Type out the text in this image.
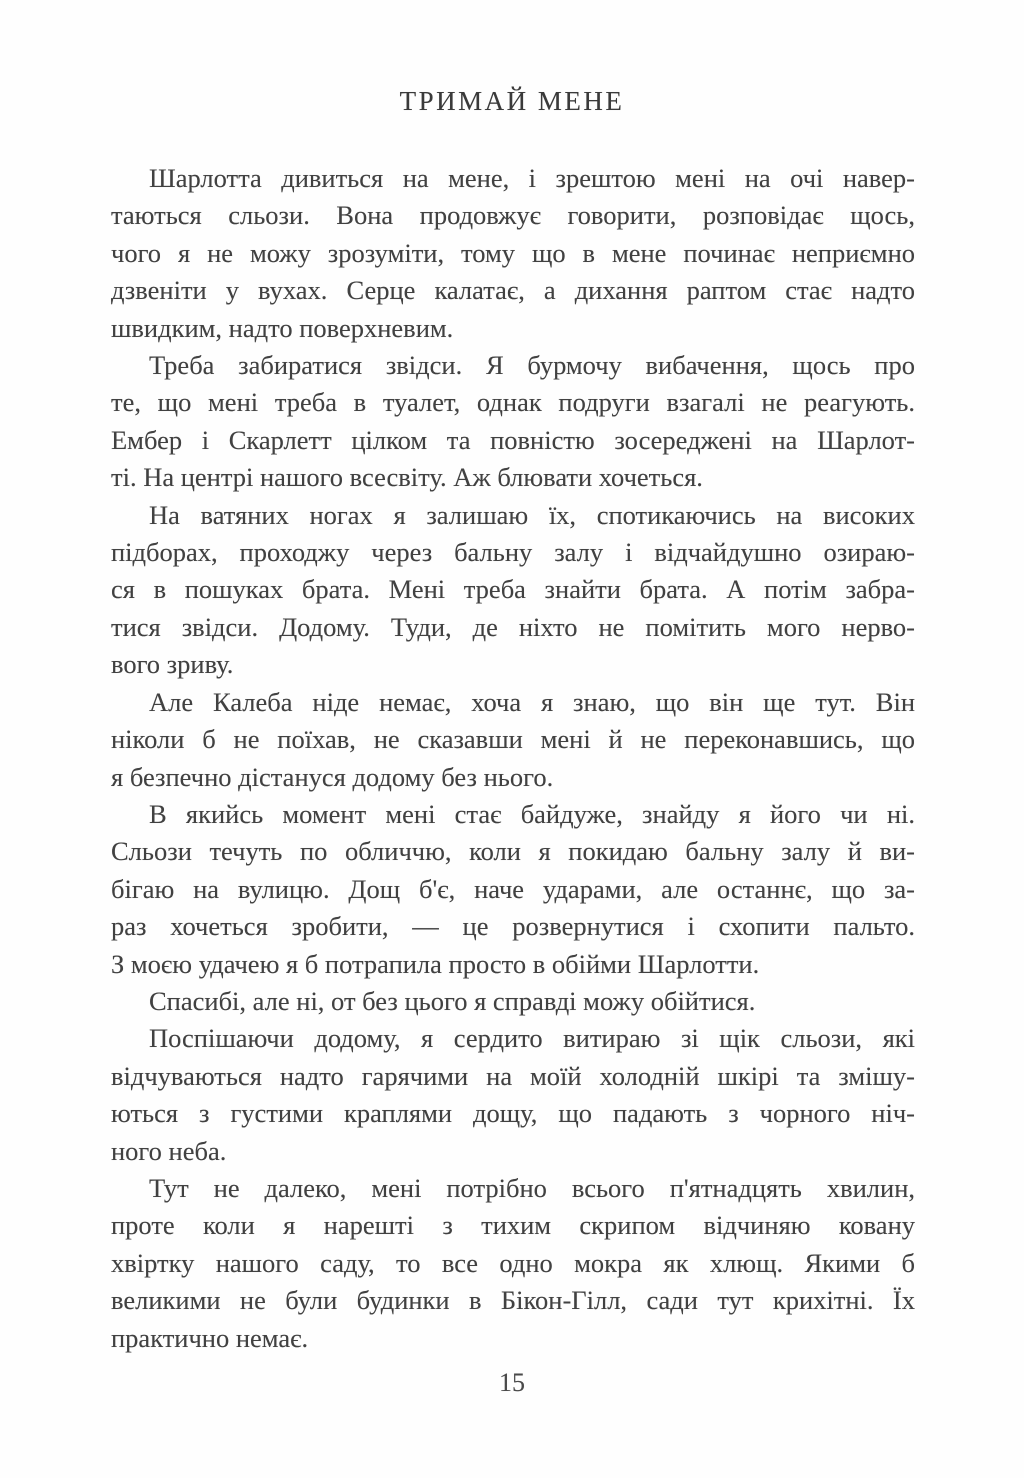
ТРИМАЙ МЕНЕ
Шарлотта дивиться на мене, і зрештою мені на очі навер-
таються сльози. Вона продовжує говорити, розповідає щось,
чого я не можу зрозуміти, тому що в мене починає неприємно
дзвеніти у вухах. Серце калатає, а дихання раптом стає надто
швидким, надто поверхневим.
Треба забиратися звідси. Я бурмочу вибачення, щось про
те, що мені треба в туалет, однак подруги взагалі не реагують.
Ембер і Скарлетт цілком та повністю зосереджені на Шарлот-
ті. На центрі нашого всесвіту. Аж блювати хочеться.
На ватяних ногах я залишаю їх, спотикаючись на високих
підборах, проходжу через бальну залу і відчайдушно озираю-
ся в пошуках брата. Мені треба знайти брата. А потім забра-
тися звідси. Додому. Туди, де ніхто не помітить мого нерво-
вого зриву.
Але Калеба ніде немає, хоча я знаю, що він ще тут. Він
ніколи б не поїхав, не сказавши мені й не переконавшись, що
я безпечно дістануся додому без нього.
В якийсь момент мені стає байдуже, знайду я його чи ні.
Сльози течуть по обличчю, коли я покидаю бальну залу й ви-
бігаю на вулицю. Дощ б'є, наче ударами, але останнє, що за-
раз хочеться зробити, — це розвернутися і схопити пальто.
З моєю удачею я б потрапила просто в обійми Шарлотти.
Спасибі, але ні, от без цього я справді можу обійтися.
Поспішаючи додому, я сердито витираю зі щік сльози, які
відчуваються надто гарячими на моїй холодній шкірі та змішу-
ються з густими краплями дощу, що падають з чорного ніч-
ного неба.
Тут не далеко, мені потрібно всього п'ятнадцять хвилин,
проте коли я нарешті з тихим скрипом відчиняю ковану
хвіртку нашого саду, то все одно мокра як хлющ. Якими б
великими не були будинки в Бікон-Гілл, сади тут крихітні. Їх
практично немає.
15
